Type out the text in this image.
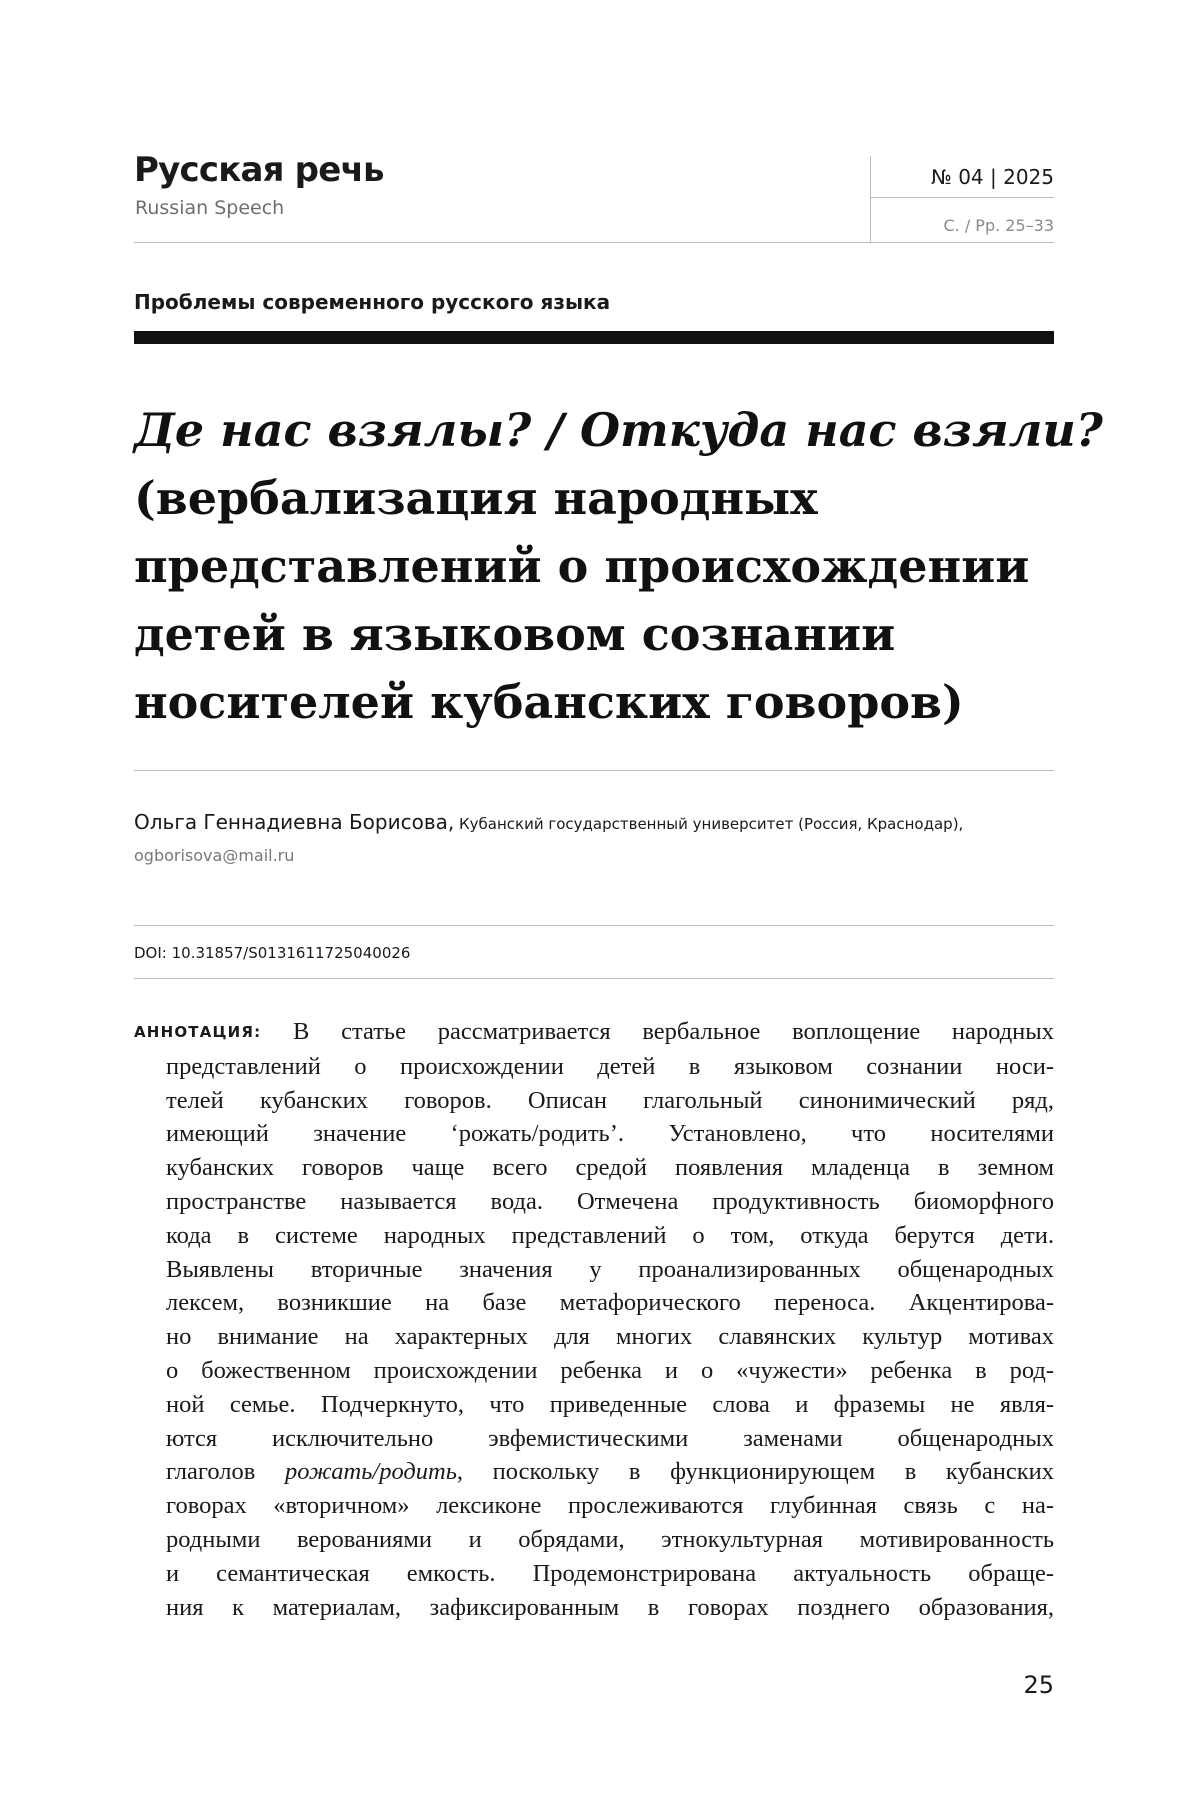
Русская речь
Russian Speech
№ 04 | 2025
С. / Pp. 25–33
Проблемы современного русского языка
Де нас взялы? / Откуда нас взяли?
(вербализация народных
представлений о происхождении
детей в языковом сознании
носителей кубанских говоров)
Ольга Геннадиевна Борисова, Кубанский государственный университет (Россия, Краснодар),
ogborisova@mail.ru
DOI: 10.31857/S0131611725040026
АННОТАЦИЯ: В статье рассматривается вербальное воплощение народных
представлений о происхождении детей в языковом сознании носи-
телей кубанских говоров. Описан глагольный синонимический ряд,
имеющий значение ‘рожать/родить’. Установлено, что носителями
кубанских говоров чаще всего средой появления младенца в земном
пространстве называется вода. Отмечена продуктивность биоморфного
кода в системе народных представлений о том, откуда берутся дети.
Выявлены вторичные значения у проанализированных общенародных
лексем, возникшие на базе метафорического переноса. Акцентирова-
но внимание на характерных для многих славянских культур мотивах
о божественном происхождении ребенка и о «чужести» ребенка в род-
ной семье. Подчеркнуто, что приведенные слова и фраземы не явля-
ются исключительно эвфемистическими заменами общенародных
глаголов рожать/родить, поскольку в функционирующем в кубанских
говорах «вторичном» лексиконе прослеживаются глубинная связь с на-
родными верованиями и обрядами, этнокультурная мотивированность
и семантическая емкость. Продемонстрирована актуальность обраще-
ния к материалам, зафиксированным в говорах позднего образования,
25
